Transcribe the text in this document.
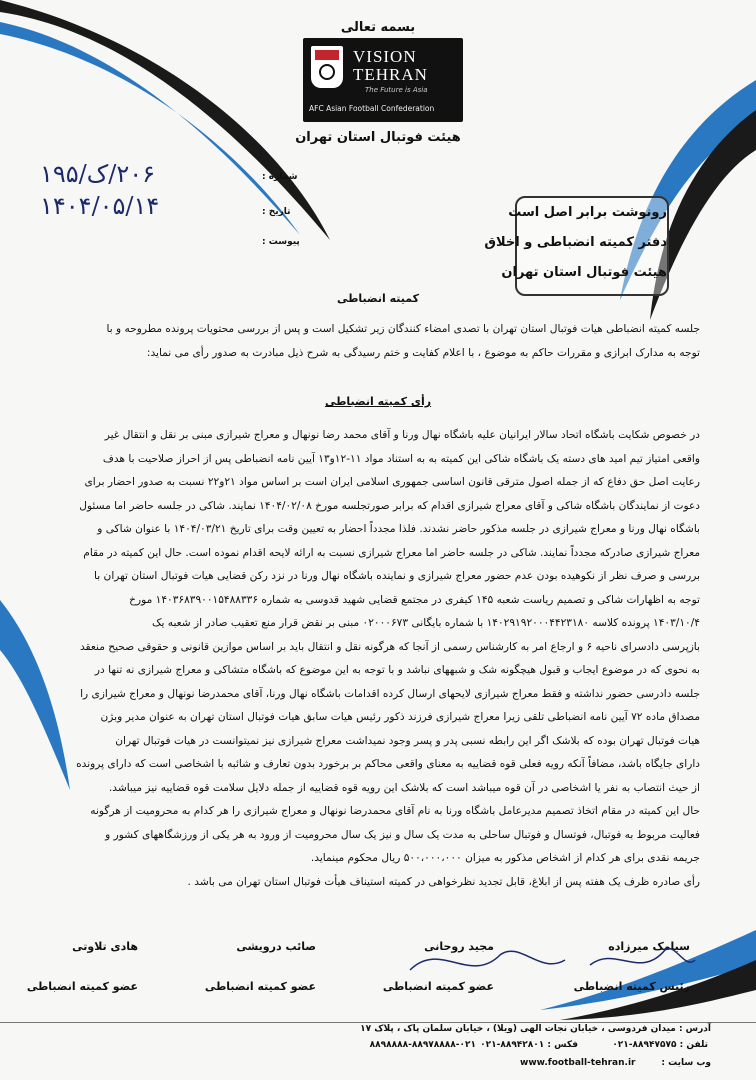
بسمه تعالی
VISION
TEHRAN
The Future is Asia
AFC Asian Football Confederation
هیئت فوتبال استان تهران
شماره :
۲۰۶/ک/۱۹۵
تاریخ :
۱۴۰۴/۰۵/۱۴
پیوست :
رونوشت برابر اصل است
دفتر کمیته انضباطی و اخلاق
هیئت فوتبال استان تهران
کمیته انضباطی
جلسه کمیته انضباطی هیات فوتبال استان تهران با تصدی امضاء کنندگان زیر تشکیل است و پس از بررسی محتویات پرونده مطروحه و با
توجه به مدارک ابرازی و مقررات حاکم به موضوع ، با اعلام کفایت و ختم رسیدگی به شرح ذیل مبادرت به صدور رأی می نماید:
رأی کمیته انضباطی
در خصوص شکایت باشگاه اتحاد سالار ایرانیان علیه باشگاه نهال ورنا و آقای محمد رضا نونهال و معراج شیرازی مبنی بر نقل و انتقال غیر
واقعی امتیاز تیم امید های دسته یک باشگاه شاکی این کمیته به به استناد مواد ۱۱-۱۲و۱۳ آیین نامه انضباطی پس از احراز صلاحیت با هدف
رعایت اصل حق دفاع که از جمله اصول مترقی قانون اساسی جمهوری اسلامی ایران است بر اساس مواد ۲۱و۲۲ نسبت به صدور احضار برای
دعوت از نمایندگان باشگاه شاکی و آقای معراج شیرازی اقدام که برابر صورتجلسه مورخ ۱۴۰۴/۰۲/۰۸ نمایند. شاکی در جلسه حاضر اما مسئول
باشگاه نهال ورنا و معراج شیرازی در جلسه مذکور حاضر نشدند. فلذا مجدداً احضار به تعیین وقت برای تاریخ ۱۴۰۴/۰۳/۲۱ با عنوان شاکی و
معراج شیرازی صادرکه مجدداً نمایند. شاکی در جلسه حاضر اما معراج شیرازی نسبت به ارائه لایحه اقدام نموده است. حال این کمیته در مقام
بررسی و صرف نظر از نکوهیده بودن عدم حضور معراج شیرازی و نماینده باشگاه نهال ورنا در نزد رکن قضایی هیات فوتبال استان تهران با
توجه به اظهارات شاکی و تصمیم ریاست شعبه ۱۴۵ کیفری در مجتمع قضایی شهید قدوسی به شماره ۱۴۰۳۶۸۳۹۰۰۱۵۴۸۸۳۳۶ مورخ
۱۴۰۳/۱۰/۴ پرونده کلاسه ۱۴۰۲۹۱۹۲۰۰۰۴۴۲۳۱۸۰ با شماره بایگانی ۰۲۰۰۰۶۷۳ مبنی بر نقض قرار منع تعقیب صادر از شعبه یک
بازپرسی دادسرای ناحیه ۶ و ارجاع امر به کارشناس رسمی از آنجا که هرگونه نقل و انتقال باید بر اساس موازین قانونی و حقوقی صحیح منعقد
به نحوی که در موضوع ایجاب و قبول هیچگونه شک و شبههای نباشد و با توجه به این موضوع که باشگاه متشاکی و معراج شیرازی نه تنها در
جلسه دادرسی حضور نداشته و فقط معراج شیرازی لایحهای ارسال کرده اقدامات باشگاه نهال ورنا، آقای محمدرضا نونهال و معراج شیرازی را
مصداق ماده ۷۲ آیین نامه انضباطی تلقی زیرا معراج شیرازی فرزند ذکور رئیس هیات سابق هیات فوتبال استان تهران به عنوان مدیر وبژن
هیات فوتبال تهران بوده که بلاشک اگر این رابطه نسبی پدر و پسر وجود نمیداشت معراج شیرازی نیز نمیتوانست در هیات فوتبال تهران
دارای جایگاه باشد، مضافاً آنکه رویه فعلی قوه قضاییه به معنای واقعی محاکم بر برخورد بدون تعارف و شائبه با اشخاصی است که دارای پرونده
از حیث انتصاب به نفر یا اشخاصی در آن قوه میباشد است که بلاشک این رویه قوه قضاییه از جمله دلایل سلامت قوه قضاییه نیز میباشد.
حال این کمیته در مقام اتخاذ تصمیم مدیرعامل باشگاه ورنا به نام آقای محمدرضا نونهال و معراج شیرازی را هر کدام به محرومیت از هرگونه
فعالیت مربوط به فوتبال، فوتسال و فوتبال ساحلی به مدت یک سال و نیز یک سال محرومیت از ورود به هر یکی از ورزشگاههای کشور و
جریمه نقدی برای هر کدام از اشخاص مذکور به میزان ۵۰۰،۰۰۰،۰۰۰ ریال محکوم مینماید.
رأی صادره ظرف یک هفته پس از ابلاغ، قابل تجدید نظرخواهی در کمیته استیناف هیأت فوتبال استان تهران می باشد .
سیامک میرزاده
رئیس کمیته انضباطی
مجید روحانی
عضو کمیته انضباطی
صائب درویشی
عضو کمیته انضباطی
هادی تلاوتی
عضو کمیته انضباطی
آدرس : میدان فردوسی ، خیابان نجات الهی (ویلا) ، خیابان سلمان پاک ، پلاک ۱۷
تلفن : ۸۸۹۴۷۵۷۵-۰۲۱
فکس : ۸۸۹۴۲۸۰۱-۰۲۱
۸۸۹۸۸۸۸-۸۸۹۷۸۸۸۸-۰۲۱
وب سایت :
www.football-tehran.ir
